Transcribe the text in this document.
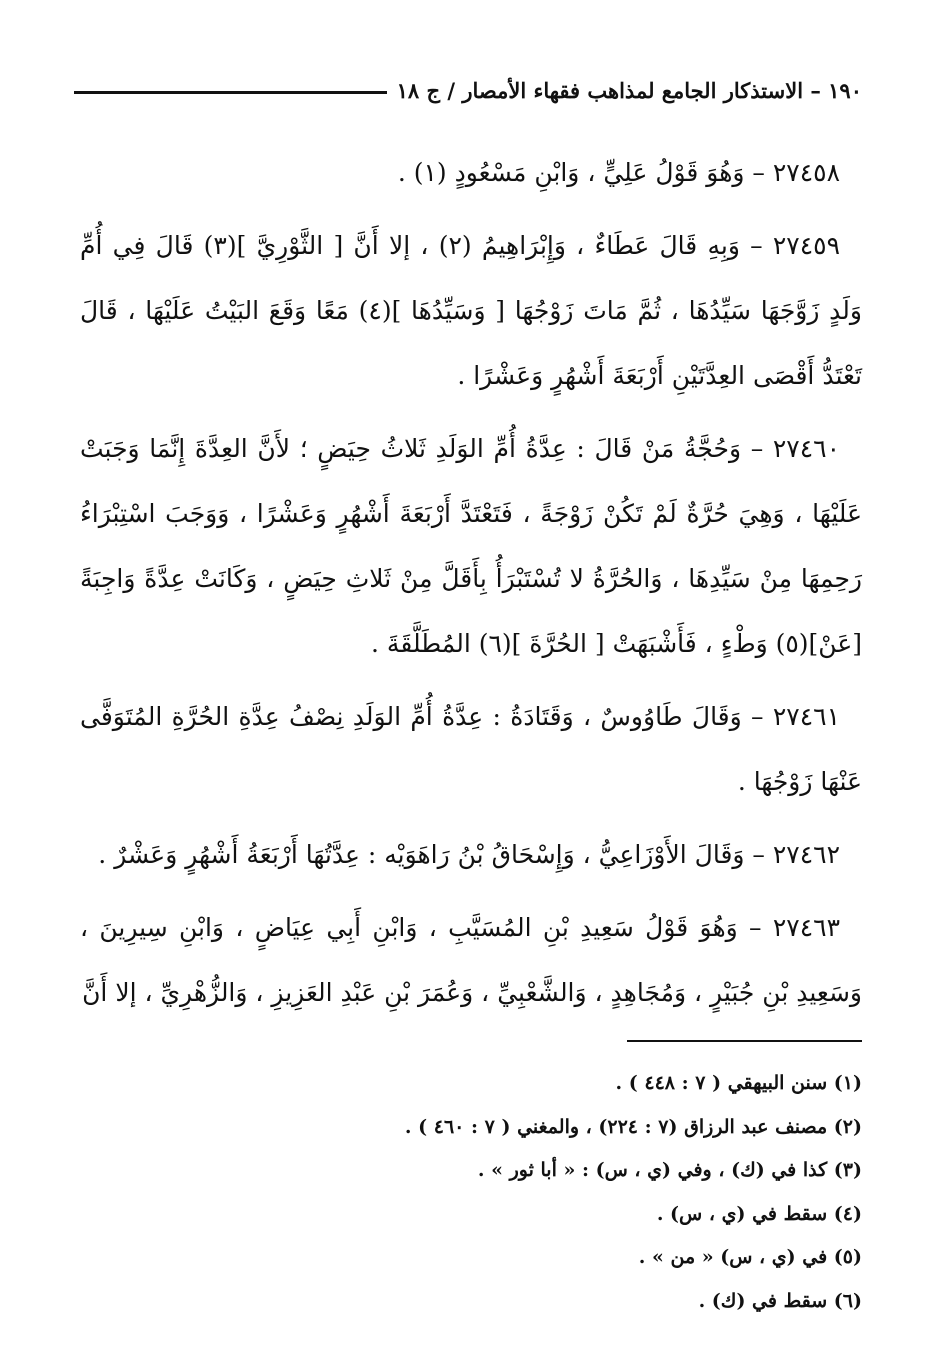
١٩٠ – الاستذكار الجامع لمذاهب فقهاء الأمصار / ج ١٨

٢٧٤٥٨ – وَهُوَ قَوْلُ عَلِيٍّ ، وَابْنِ مَسْعُودٍ (١) .

٢٧٤٥٩ – وَبِهِ قَالَ عَطَاءٌ ، وَإِبْرَاهِيمُ (٢) ، إلا أَنَّ [ الثَّوْرِيَّ ](٣) قَالَ فِي أُمِّ وَلَدٍ زَوَّجَهَا سَيِّدُهَا ، ثُمَّ مَاتَ زَوْجُهَا [ وَسَيِّدُهَا ](٤) مَعًا وَقَعَ البَيْتُ عَلَيْهَا ، قَالَ تَعْتَدُّ أَقْصَى العِدَّتَيْنِ أَرْبَعَةَ أَشْهُرٍ وَعَشْرًا .

٢٧٤٦٠ – وَحُجَّةُ مَنْ قَالَ : عِدَّةُ أُمِّ الوَلَدِ ثَلاثُ حِيَضٍ ؛ لأَنَّ العِدَّةَ إِنَّمَا وَجَبَتْ عَلَيْهَا ، وَهِيَ حُرَّةٌ لَمْ تَكُنْ زَوْجَةً ، فَتَعْتَدَّ أَرْبَعَةَ أَشْهُرٍ وَعَشْرًا ، وَوَجَبَ اسْتِبْرَاءُ رَحِمِهَا مِنْ سَيِّدِهَا ، وَالحُرَّةُ لا تُسْتَبْرَأُ بِأَقَلَّ مِنْ ثَلاثِ حِيَضٍ ، وَكَانَتْ عِدَّةً وَاجِبَةً [عَنْ](٥) وَطْءٍ ، فَأَشْبَهَتْ [ الحُرَّةَ ](٦) المُطَلَّقَةَ .

٢٧٤٦١ – وَقَالَ طَاوُوسٌ ، وَقَتَادَةُ : عِدَّةُ أُمِّ الوَلَدِ نِصْفُ عِدَّةِ الحُرَّةِ المُتَوَفَّى عَنْهَا زَوْجُهَا .

٢٧٤٦٢ – وَقَالَ الأَوْزَاعِيُّ ، وَإِسْحَاقُ بْنُ رَاهَوَيْه : عِدَّتُهَا أَرْبَعَةُ أَشْهُرٍ وَعَشْرٌ .

٢٧٤٦٣ – وَهُوَ قَوْلُ سَعِيدِ بْنِ المُسَيَّبِ ، وَابْنِ أَبِي عِيَاضٍ ، وَابْنِ سِيرِينَ ، وَسَعِيدِ بْنِ جُبَيْرٍ ، وَمُجَاهِدٍ ، وَالشَّعْبِيِّ ، وَعُمَرَ بْنِ عَبْدِ العَزِيزِ ، وَالزُّهْرِيِّ ، إلا أَنَّ

(١) سنن البيهقي ( ٧ : ٤٤٨ ) .

(٢) مصنف عبد الرزاق (٧ : ٢٢٤) ، والمغني ( ٧ : ٤٦٠ ) .

(٣) كذا في (ك) ، وفي (ي ، س) : « أبا ثور » .

(٤) سقط في (ي ، س) .

(٥) في (ي ، س) « من » .

(٦) سقط في (ك) .
